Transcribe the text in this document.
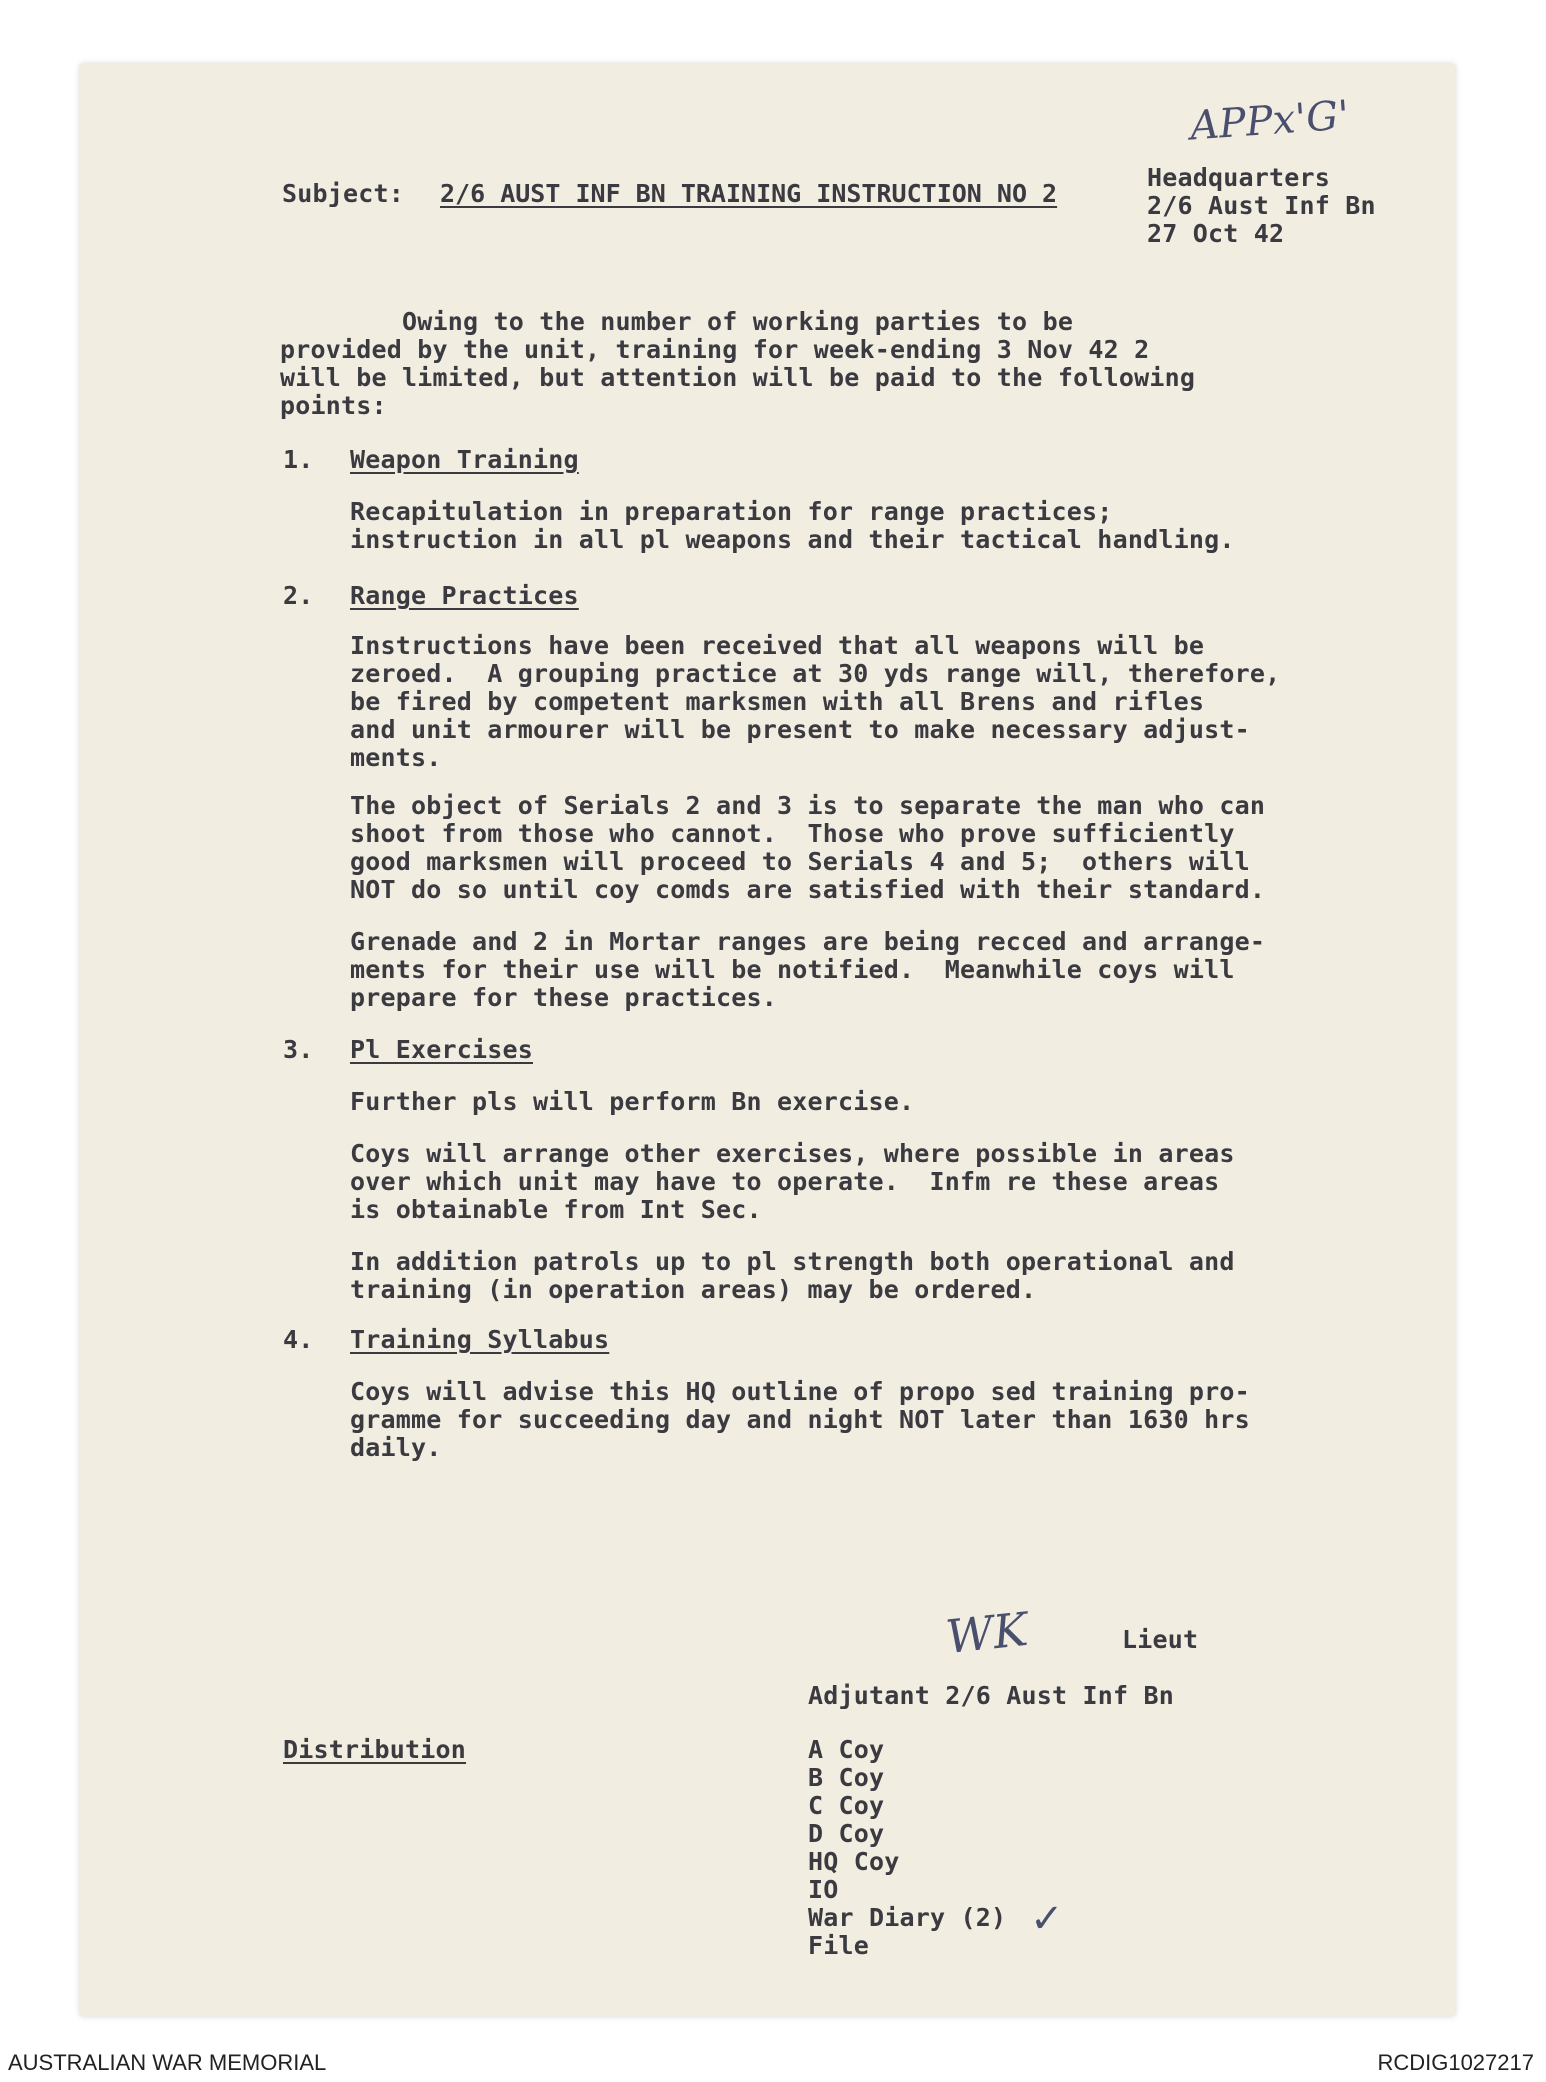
APPx'G'
Subject: 2/6 AUST INF BN TRAINING INSTRUCTION NO 2
Headquarters
2/6 Aust Inf Bn
27 Oct 42
Owing to the number of working parties to be
provided by the unit, training for week-ending 3 Nov 42 2
will be limited, but attention will be paid to the following
points:
1. Weapon Training
Recapitulation in preparation for range practices;
instruction in all pl weapons and their tactical handling.
2. Range Practices
Instructions have been received that all weapons will be
zeroed.  A grouping practice at 30 yds range will, therefore,
be fired by competent marksmen with all Brens and rifles
and unit armourer will be present to make necessary adjust-
ments.
The object of Serials 2 and 3 is to separate the man who can
shoot from those who cannot.  Those who prove sufficiently
good marksmen will proceed to Serials 4 and 5;  others will
NOT do so until coy comds are satisfied with their standard.
Grenade and 2 in Mortar ranges are being recced and arrange-
ments for their use will be notified.  Meanwhile coys will
prepare for these practices.
3. Pl Exercises
Further pls will perform Bn exercise.
Coys will arrange other exercises, where possible in areas
over which unit may have to operate.  Infm re these areas
is obtainable from Int Sec.
In addition patrols up to pl strength both operational and
training (in operation areas) may be ordered.
4. Training Syllabus
Coys will advise this HQ outline of propo sed training pro-
gramme for succeeding day and night NOT later than 1630 hrs
daily.
WK	Lieut
Adjutant 2/6 Aust Inf Bn
Distribution	A Coy
B Coy
C Coy
D Coy
HQ Coy
IO
War Diary (2)
File
✓
AUSTRALIAN WAR MEMORIAL	RCDIG1027217
